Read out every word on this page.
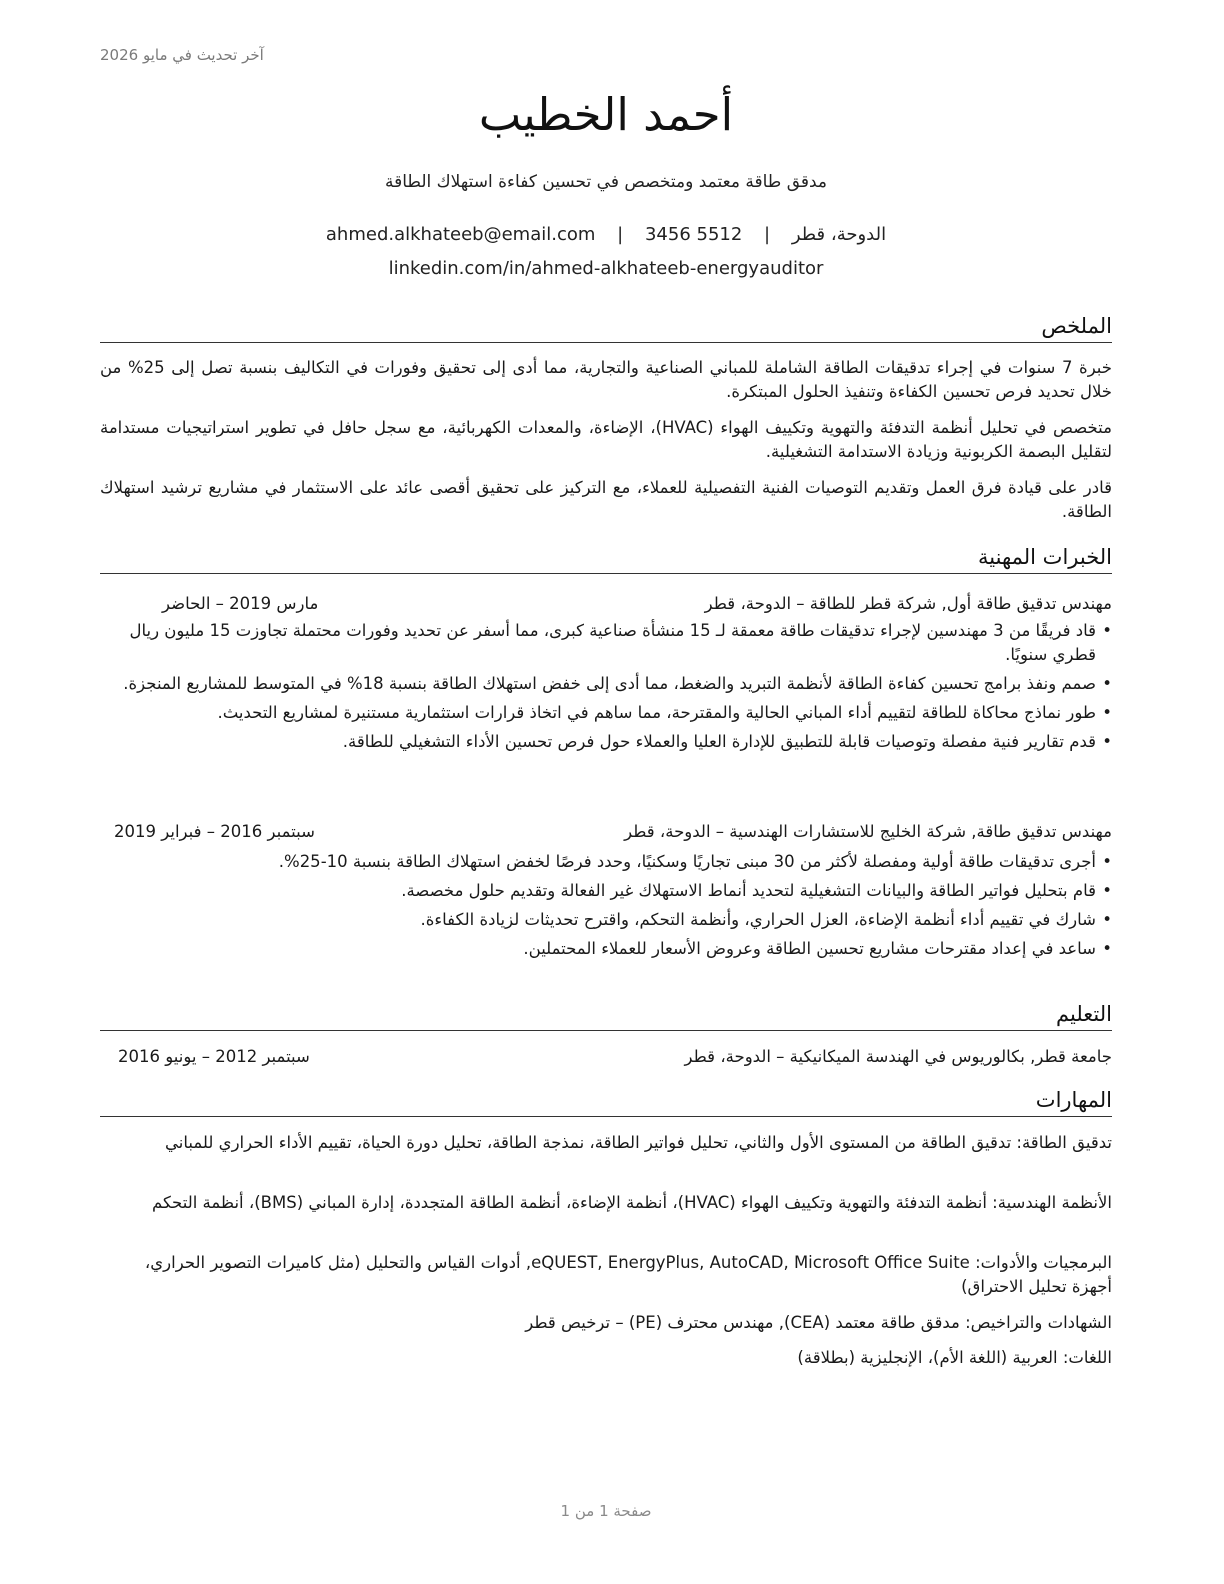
آخر تحديث في مايو 2026
أحمد الخطيب
مدقق طاقة معتمد ومتخصص في تحسين كفاءة استهلاك الطاقة
الدوحة، قطر | ahmed.alkhateeb@email.com | 3456 5512
linkedin.com/in/ahmed-alkhateeb-energyauditor
الملخص
خبرة 7 سنوات في إجراء تدقيقات الطاقة الشاملة للمباني الصناعية والتجارية، مما أدى إلى تحقيق وفورات في التكاليف بنسبة تصل إلى 25% من خلال تحديد فرص تحسين الكفاءة وتنفيذ الحلول المبتكرة.
متخصص في تحليل أنظمة التدفئة والتهوية وتكييف الهواء (HVAC)، الإضاءة، والمعدات الكهربائية، مع سجل حافل في تطوير استراتيجيات مستدامة لتقليل البصمة الكربونية وزيادة الاستدامة التشغيلية.
قادر على قيادة فرق العمل وتقديم التوصيات الفنية التفصيلية للعملاء، مع التركيز على تحقيق أقصى عائد على الاستثمار في مشاريع ترشيد استهلاك الطاقة.
الخبرات المهنية
مهندس تدقيق طاقة أول, شركة قطر للطاقة – الدوحة، قطر
مارس 2019 – الحاضر
• قاد فريقًا من 3 مهندسين لإجراء تدقيقات طاقة معمقة لـ 15 منشأة صناعية كبرى، مما أسفر عن تحديد وفورات محتملة تجاوزت 15 مليون ريال قطري سنويًا.
• صمم ونفذ برامج تحسين كفاءة الطاقة لأنظمة التبريد والضغط، مما أدى إلى خفض استهلاك الطاقة بنسبة 18% في المتوسط للمشاريع المنجزة.
• طور نماذج محاكاة للطاقة لتقييم أداء المباني الحالية والمقترحة، مما ساهم في اتخاذ قرارات استثمارية مستنيرة لمشاريع التحديث.
• قدم تقارير فنية مفصلة وتوصيات قابلة للتطبيق للإدارة العليا والعملاء حول فرص تحسين الأداء التشغيلي للطاقة.
مهندس تدقيق طاقة, شركة الخليج للاستشارات الهندسية – الدوحة، قطر
سبتمبر 2016 – فبراير 2019
• أجرى تدقيقات طاقة أولية ومفصلة لأكثر من 30 مبنى تجاريًا وسكنيًا، وحدد فرصًا لخفض استهلاك الطاقة بنسبة 10-25%.
• قام بتحليل فواتير الطاقة والبيانات التشغيلية لتحديد أنماط الاستهلاك غير الفعالة وتقديم حلول مخصصة.
• شارك في تقييم أداء أنظمة الإضاءة، العزل الحراري، وأنظمة التحكم، واقترح تحديثات لزيادة الكفاءة.
• ساعد في إعداد مقترحات مشاريع تحسين الطاقة وعروض الأسعار للعملاء المحتملين.
التعليم
جامعة قطر, بكالوريوس في الهندسة الميكانيكية – الدوحة، قطر
سبتمبر 2012 – يونيو 2016
المهارات
تدقيق الطاقة: تدقيق الطاقة من المستوى الأول والثاني، تحليل فواتير الطاقة، نمذجة الطاقة، تحليل دورة الحياة، تقييم الأداء الحراري للمباني
الأنظمة الهندسية: أنظمة التدفئة والتهوية وتكييف الهواء (HVAC)، أنظمة الإضاءة، أنظمة الطاقة المتجددة، إدارة المباني (BMS)، أنظمة التحكم
البرمجيات والأدوات: eQUEST, EnergyPlus, AutoCAD, Microsoft Office Suite, أدوات القياس والتحليل (مثل كاميرات التصوير الحراري، أجهزة تحليل الاحتراق)
الشهادات والتراخيص: مدقق طاقة معتمد (CEA), مهندس محترف (PE) – ترخيص قطر
اللغات: العربية (اللغة الأم)، الإنجليزية (بطلاقة)
صفحة 1 من 1
